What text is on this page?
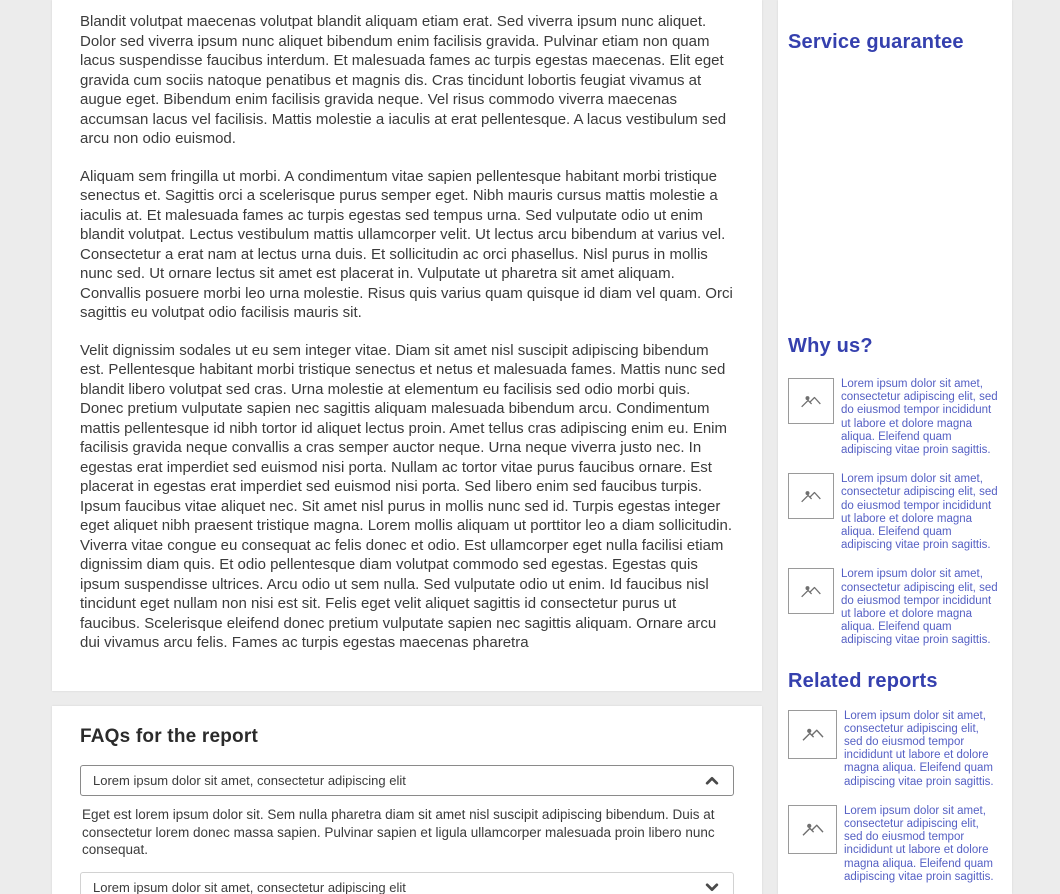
Blandit volutpat maecenas volutpat blandit aliquam etiam erat. Sed viverra ipsum nunc aliquet. Dolor sed viverra ipsum nunc aliquet bibendum enim facilisis gravida. Pulvinar etiam non quam lacus suspendisse faucibus interdum. Et malesuada fames ac turpis egestas maecenas. Elit eget gravida cum sociis natoque penatibus et magnis dis. Cras tincidunt lobortis feugiat vivamus at augue eget. Bibendum enim facilisis gravida neque. Vel risus commodo viverra maecenas accumsan lacus vel facilisis. Mattis molestie a iaculis at erat pellentesque. A lacus vestibulum sed arcu non odio euismod.

Aliquam sem fringilla ut morbi. A condimentum vitae sapien pellentesque habitant morbi tristique senectus et. Sagittis orci a scelerisque purus semper eget. Nibh mauris cursus mattis molestie a iaculis at. Et malesuada fames ac turpis egestas sed tempus urna. Sed vulputate odio ut enim blandit volutpat. Lectus vestibulum mattis ullamcorper velit. Ut lectus arcu bibendum at varius vel. Consectetur a erat nam at lectus urna duis. Et sollicitudin ac orci phasellus. Nisl purus in mollis nunc sed. Ut ornare lectus sit amet est placerat in. Vulputate ut pharetra sit amet aliquam. Convallis posuere morbi leo urna molestie. Risus quis varius quam quisque id diam vel quam. Orci sagittis eu volutpat odio facilisis mauris sit.

Velit dignissim sodales ut eu sem integer vitae. Diam sit amet nisl suscipit adipiscing bibendum est. Pellentesque habitant morbi tristique senectus et netus et malesuada fames. Mattis nunc sed blandit libero volutpat sed cras. Urna molestie at elementum eu facilisis sed odio morbi quis. Donec pretium vulputate sapien nec sagittis aliquam malesuada bibendum arcu. Condimentum mattis pellentesque id nibh tortor id aliquet lectus proin. Amet tellus cras adipiscing enim eu. Enim facilisis gravida neque convallis a cras semper auctor neque. Urna neque viverra justo nec. In egestas erat imperdiet sed euismod nisi porta. Nullam ac tortor vitae purus faucibus ornare. Est placerat in egestas erat imperdiet sed euismod nisi porta. Sed libero enim sed faucibus turpis. Ipsum faucibus vitae aliquet nec. Sit amet nisl purus in mollis nunc sed id. Turpis egestas integer eget aliquet nibh praesent tristique magna. Lorem mollis aliquam ut porttitor leo a diam sollicitudin. Viverra vitae congue eu consequat ac felis donec et odio. Est ullamcorper eget nulla facilisi etiam dignissim diam quis. Et odio pellentesque diam volutpat commodo sed egestas. Egestas quis ipsum suspendisse ultrices. Arcu odio ut sem nulla. Sed vulputate odio ut enim. Id faucibus nisl tincidunt eget nullam non nisi est sit. Felis eget velit aliquet sagittis id consectetur purus ut faucibus. Scelerisque eleifend donec pretium vulputate sapien nec sagittis aliquam. Ornare arcu dui vivamus arcu felis. Fames ac turpis egestas maecenas pharetra

FAQs for the report
Lorem ipsum dolor sit amet, consectetur adipiscing elit
Eget est lorem ipsum dolor sit. Sem nulla pharetra diam sit amet nisl suscipit adipiscing bibendum. Duis at consectetur lorem donec massa sapien. Pulvinar sapien et ligula ullamcorper malesuada proin libero nunc consequat.
Lorem ipsum dolor sit amet, consectetur adipiscing elit
Service guarantee
Why us?
Lorem ipsum dolor sit amet, consectetur adipiscing elit, sed do eiusmod tempor incididunt ut labore et dolore magna aliqua. Eleifend quam adipiscing vitae proin sagittis.
Lorem ipsum dolor sit amet, consectetur adipiscing elit, sed do eiusmod tempor incididunt ut labore et dolore magna aliqua. Eleifend quam adipiscing vitae proin sagittis.
Lorem ipsum dolor sit amet, consectetur adipiscing elit, sed do eiusmod tempor incididunt ut labore et dolore magna aliqua. Eleifend quam adipiscing vitae proin sagittis.
Related reports
Lorem ipsum dolor sit amet, consectetur adipiscing elit, sed do eiusmod tempor incididunt ut labore et dolore magna aliqua. Eleifend quam adipiscing vitae proin sagittis.
Lorem ipsum dolor sit amet, consectetur adipiscing elit, sed do eiusmod tempor incididunt ut labore et dolore magna aliqua. Eleifend quam adipiscing vitae proin sagittis.
